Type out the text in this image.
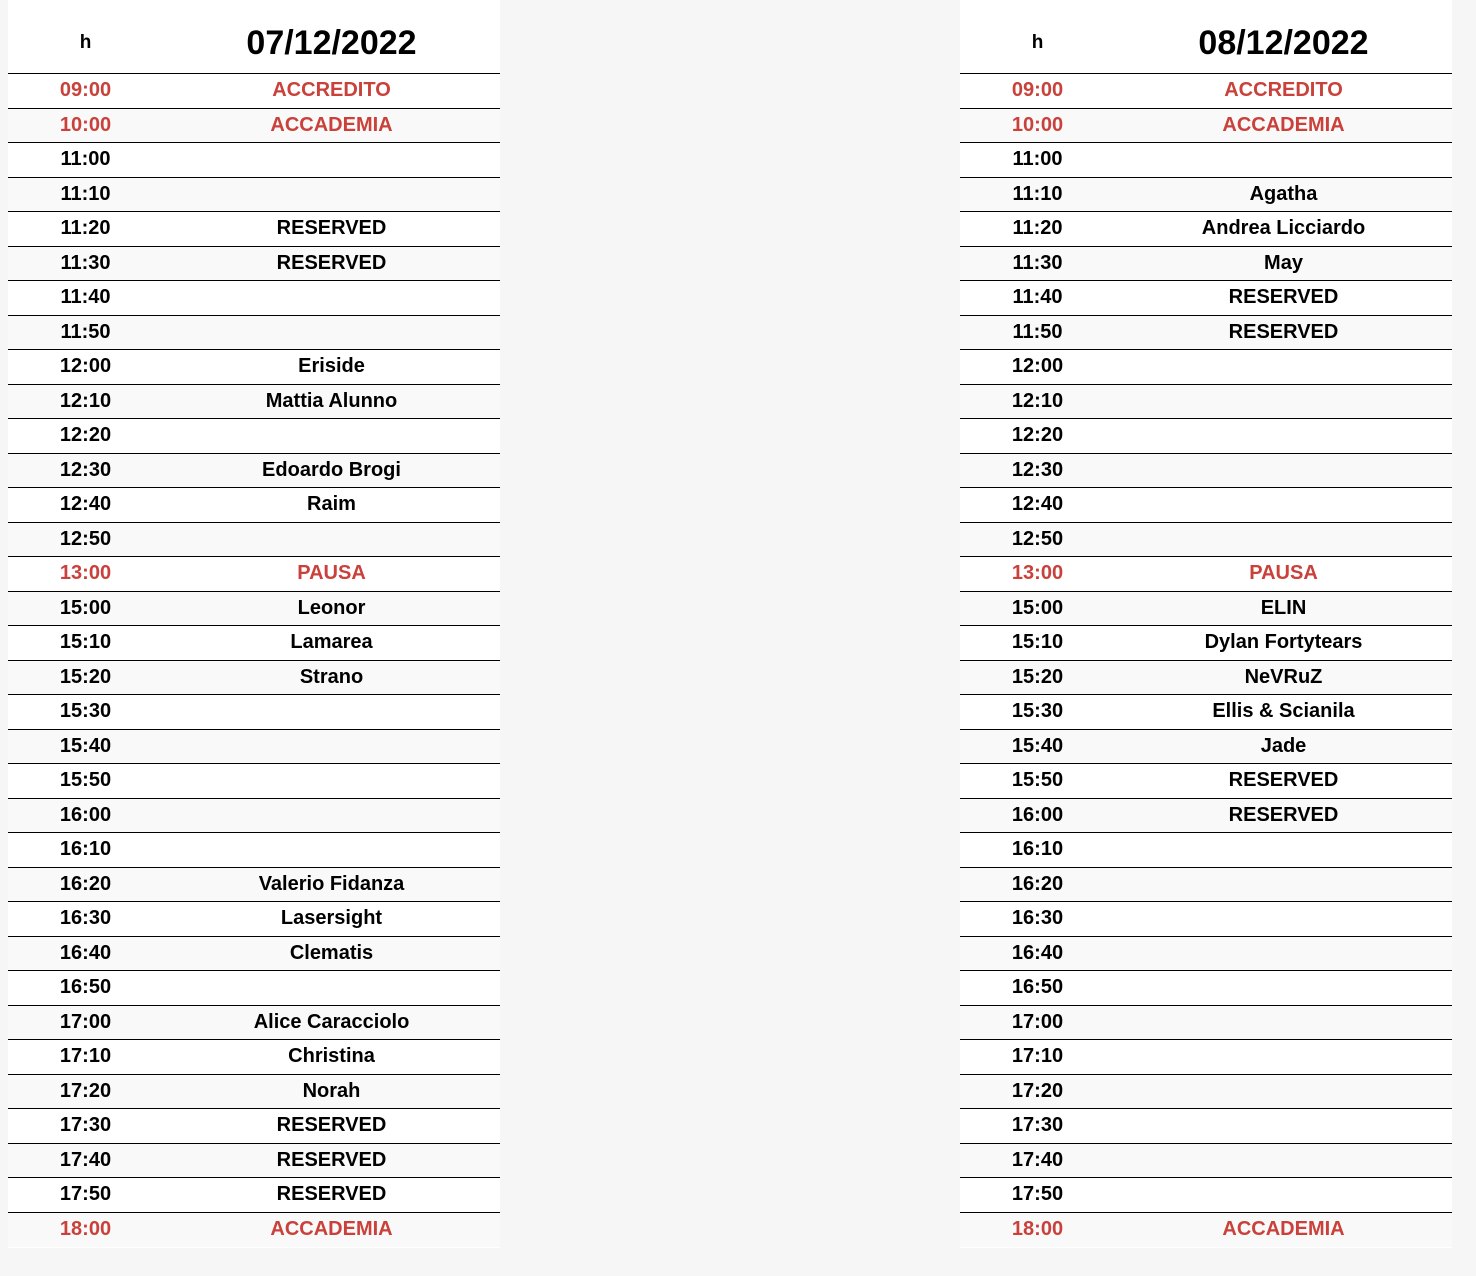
h	07/12/2022
09:00	ACCREDITO
10:00	ACCADEMIA
11:00
11:10
11:20	RESERVED
11:30	RESERVED
11:40
11:50
12:00	Eriside
12:10	Mattia Alunno
12:20
12:30	Edoardo Brogi
12:40	Raim
12:50
13:00	PAUSA
15:00	Leonor
15:10	Lamarea
15:20	Strano
15:30
15:40
15:50
16:00
16:10
16:20	Valerio Fidanza
16:30	Lasersight
16:40	Clematis
16:50
17:00	Alice Caracciolo
17:10	Christina
17:20	Norah
17:30	RESERVED
17:40	RESERVED
17:50	RESERVED
18:00	ACCADEMIA
h	08/12/2022
09:00	ACCREDITO
10:00	ACCADEMIA
11:00
11:10	Agatha
11:20	Andrea Licciardo
11:30	May
11:40	RESERVED
11:50	RESERVED
12:00
12:10
12:20
12:30
12:40
12:50
13:00	PAUSA
15:00	ELIN
15:10	Dylan Fortytears
15:20	NeVRuZ
15:30	Ellis & Scianila
15:40	Jade
15:50	RESERVED
16:00	RESERVED
16:10
16:20
16:30
16:40
16:50
17:00
17:10
17:20
17:30
17:40
17:50
18:00	ACCADEMIA
